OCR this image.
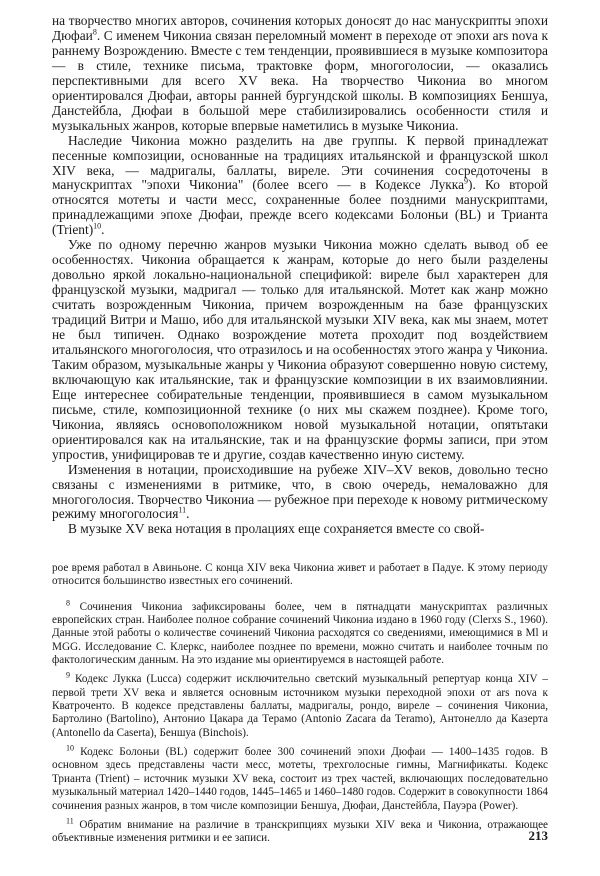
на творчество многих авторов, сочинения которых доносят до нас манускрипты эпохи Дюфаи$^8$. С именем Чикониа связан переломный момент в переходе от эпохи ars nova к раннему Возрождению. Вместе с тем тенденции, проявившиеся в музыке композитора — в стиле, технике письма, трактовке форм, многоголосии, — оказались перспективными для всего XV века. На творчество Чикониа во многом ориентировался Дюфаи, авторы ранней бургундской школы. В композициях Беншуа, Данстейбла, Дюфаи в большой мере стабилизировались особенности стиля и музыкальных жанров, которые впервые наметились в музыке Чикониа.

Наследие Чикониа можно разделить на две группы. К первой принадлежат песенные композиции, основанные на традициях итальянской и французской школ XIV века, — мадригалы, баллаты, виреле. Эти сочинения сосредоточены в манускриптах "эпохи Чикониа" (более всего — в Кодексе Лукка$^9$). Ко второй относятся мотеты и части месс, сохраненные более поздними манускриптами, принадлежащими эпохе Дюфаи, прежде всего кодексами Болоньи (BL) и Трианта (Trient)$^{10}$.

Уже по одному перечню жанров музыки Чикониа можно сделать вывод об ее особенностях. Чикониа обращается к жанрам, которые до него были разделены довольно яркой локально-национальной спецификой: виреле был характерен для французской музыки, мадригал — только для итальянской. Мотет как жанр можно считать возрожденным Чикониа, причем возрожденным на базе французских традиций Витри и Машо, ибо для итальянской музыки XIV века, как мы знаем, мотет не был типичен. Однако возрождение мотета проходит под воздействием итальянского многоголосия, что отразилось и на особенностях этого жанра у Чикониа. Таким образом, музыкальные жанры у Чикониа образуют совершенно новую систему, включающую как итальянские, так и французские композиции в их взаимовлиянии. Еще интереснее собирательные тенденции, проявившиеся в самом музыкальном письме, стиле, композиционной технике (о них мы скажем позднее). Кроме того, Чикониа, являясь основоположником новой музыкальной нотации, опятьтаки ориентировался как на итальянские, так и на французские формы записи, при этом упростив, унифицировав те и другие, создав качественно иную систему.

Изменения в нотации, происходившие на рубеже XIV–XV веков, довольно тесно связаны с изменениями в ритмике, что, в свою очередь, немаловажно для многоголосия. Творчество Чикониа — рубежное при переходе к новому ритмическому режиму многоголосия$^{11}$.

В музыке XV века нотация в пролациях еще сохраняется вместе со свой-

рое время работал в Авиньоне. С конца XIV века Чикониа живет и работает в Падуе. К этому периоду относится большинство известных его сочинений.

$^8$ Сочинения Чикониа зафиксированы более, чем в пятнадцати манускриптах различных европейских стран. Наиболее полное собрание сочинений Чикониа издано в 1960 году (Clerxs S., 1960). Данные этой работы о количестве сочинений Чикониа расходятся со сведениями, имеющимися в Ml и MGG. Исследование С. Клеркс, наиболее позднее по времени, можно считать и наиболее точным по фактологическим данным. На это издание мы ориентируемся в настоящей работе.

$^9$ Кодекс Лукка (Lucca) содержит исключительно светский музыкальный репертуар конца XIV – первой трети XV века и является основным источником музыки переходной эпохи от ars nova к Кватроченто. В кодексе представлены баллаты, мадригалы, рондо, виреле – сочинения Чикониа, Бартолино (Bartolino), Антонио Цакара да Терамо (Antonio Zacara da Teramo), Антонелло да Казерта (Antonello da Caserta), Беншуа (Binchois).

$^{10}$ Кодекс Болоньи (BL) содержит более 300 сочинений эпохи Дюфаи — 1400–1435 годов. В основном здесь представлены части месс, мотеты, трехголосные гимны, Магнификаты. Кодекс Трианта (Trient) – источник музыки XV века, состоит из трех частей, включающих последовательно музыкальный материал 1420–1440 годов, 1445–1465 и 1460–1480 годов. Содержит в совокупности 1864 сочинения разных жанров, в том числе композиции Беншуа, Дюфаи, Данстейбла, Пауэра (Power).

$^{11}$ Обратим внимание на различие в транскрипциях музыки XIV века и Чикониа, отражающее объективные изменения ритмики и ее записи.	213
